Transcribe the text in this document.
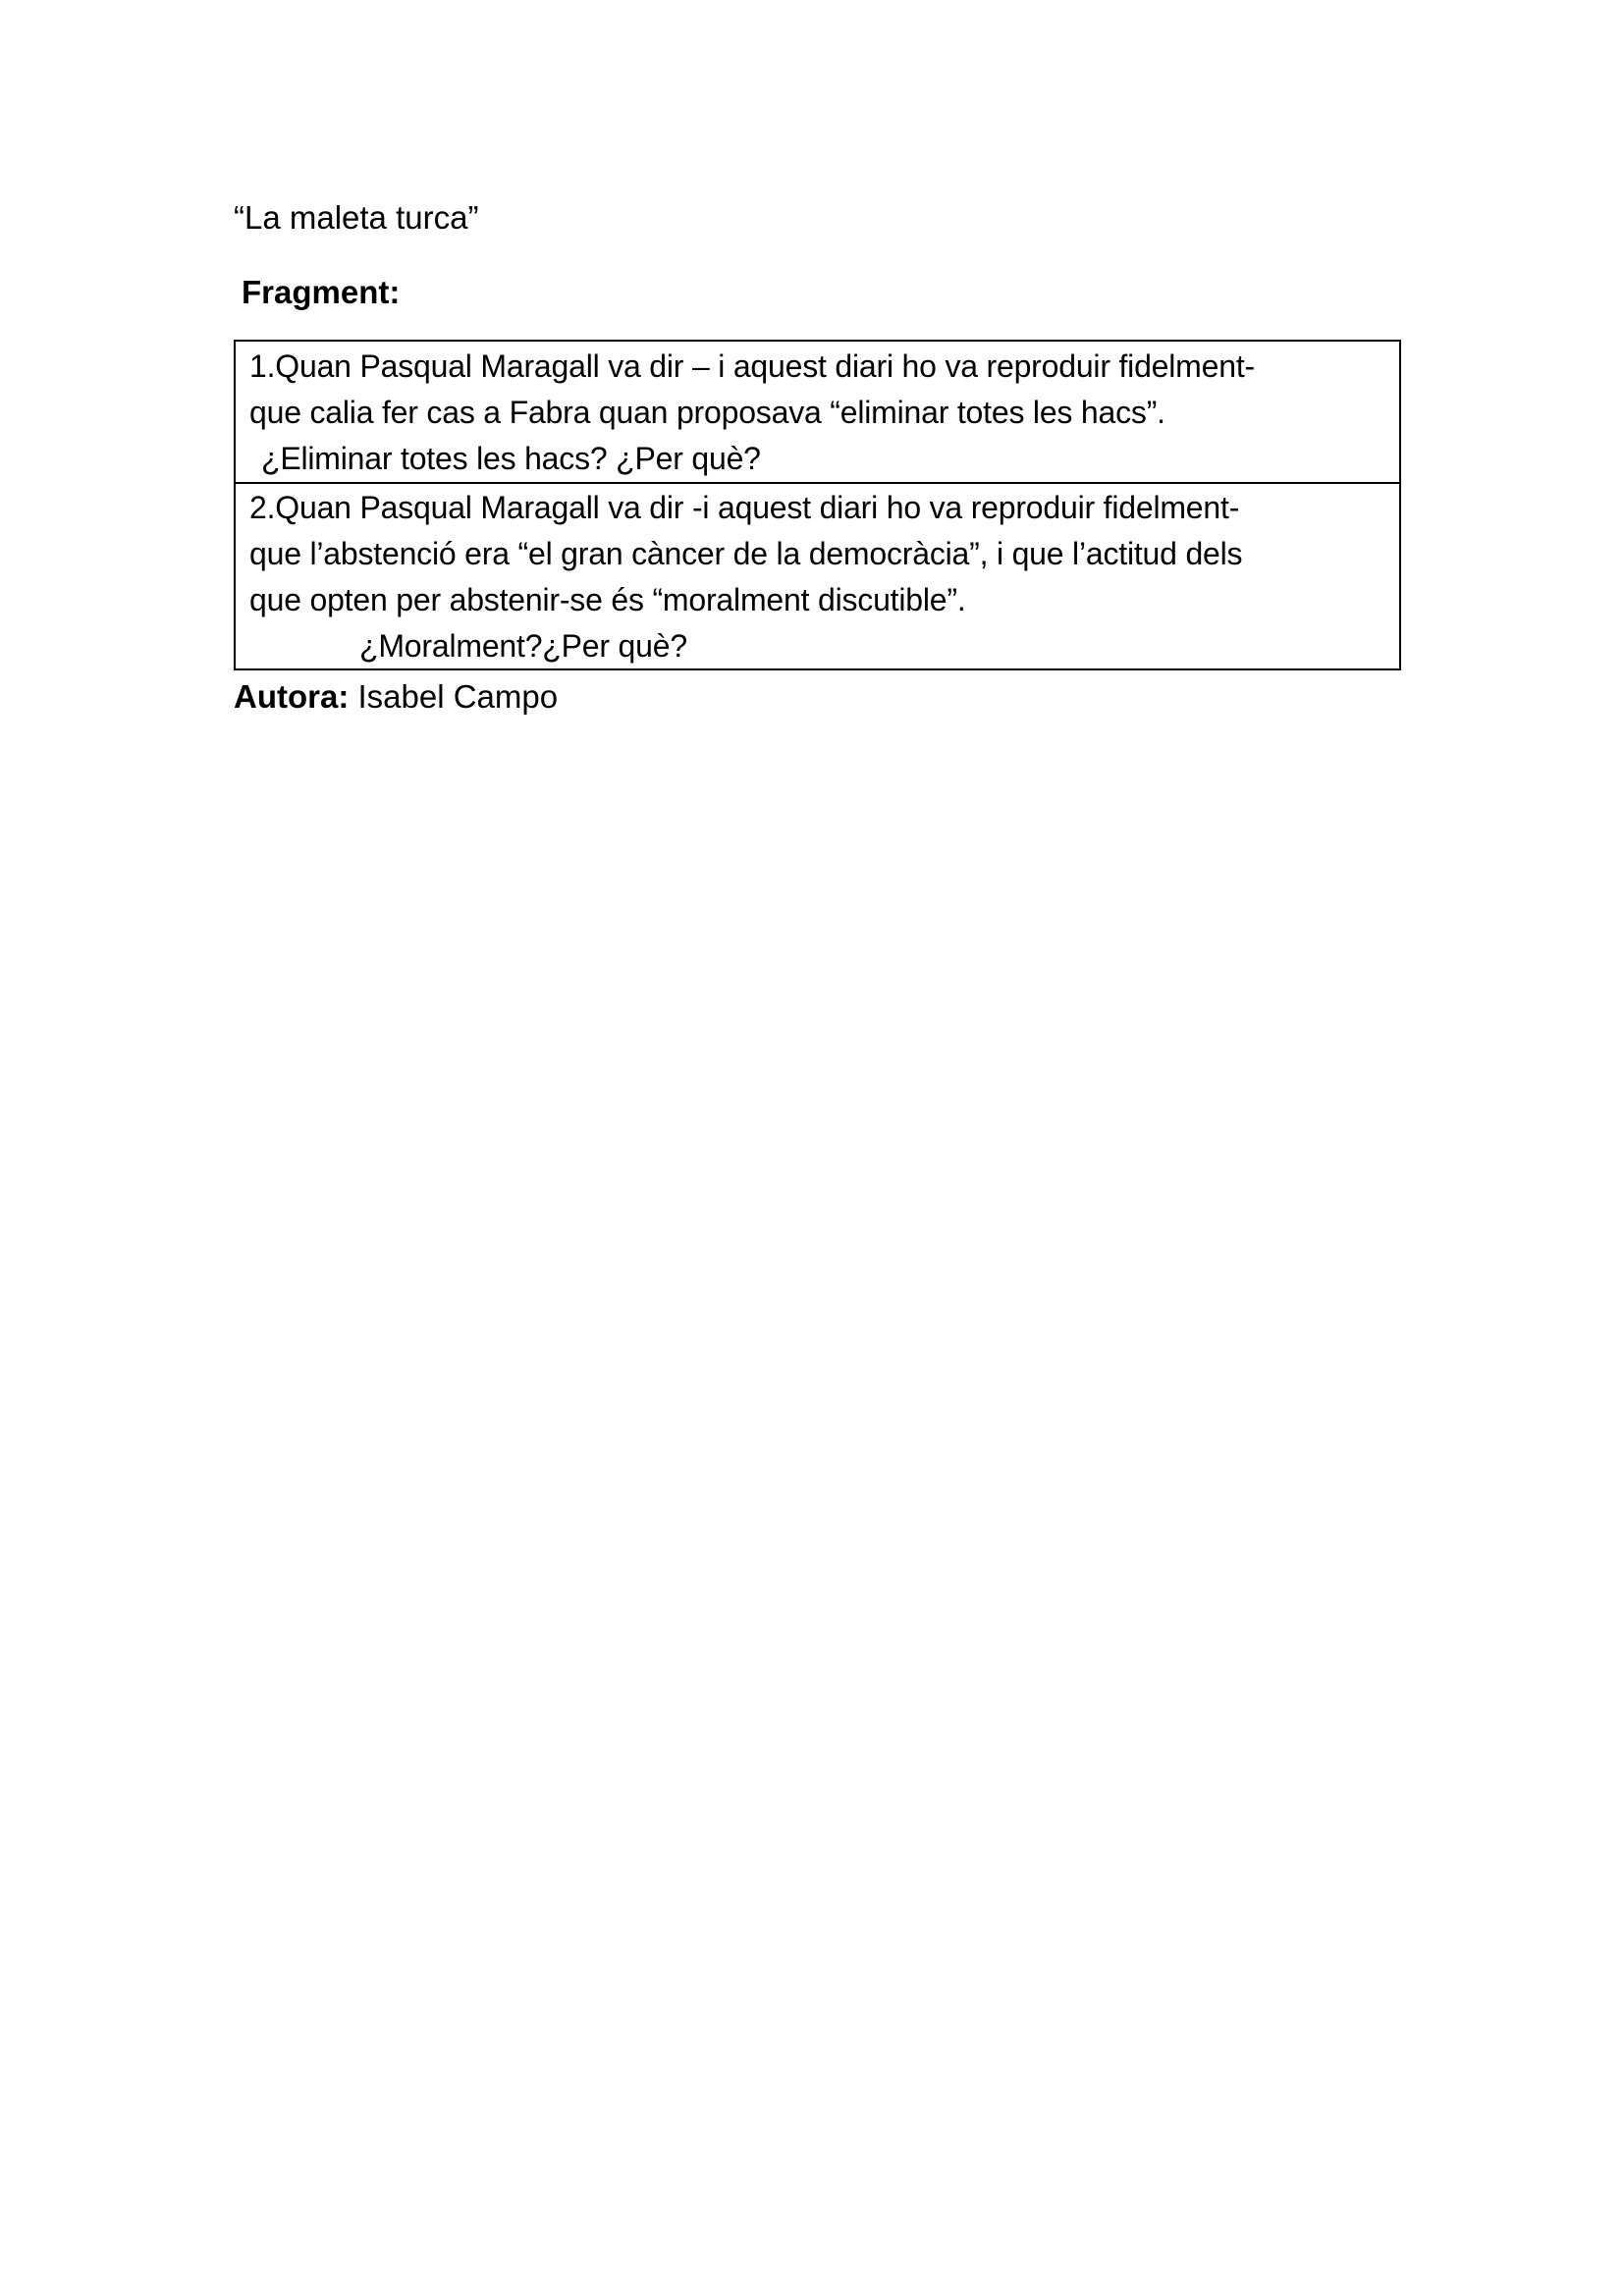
“La maleta turca”
Fragment:
1.Quan Pasqual Maragall va dir – i aquest diari ho va reproduir fidelment-
que calia fer cas a Fabra quan proposava “eliminar totes les hacs”.
¿Eliminar totes les hacs? ¿Per què?
2.Quan Pasqual Maragall va dir -i aquest diari ho va reproduir fidelment-
que l’abstenció era “el gran càncer de la democràcia”, i que l’actitud dels
que opten per abstenir-se és “moralment discutible”.
¿Moralment?¿Per què?
Autora: Isabel Campo
